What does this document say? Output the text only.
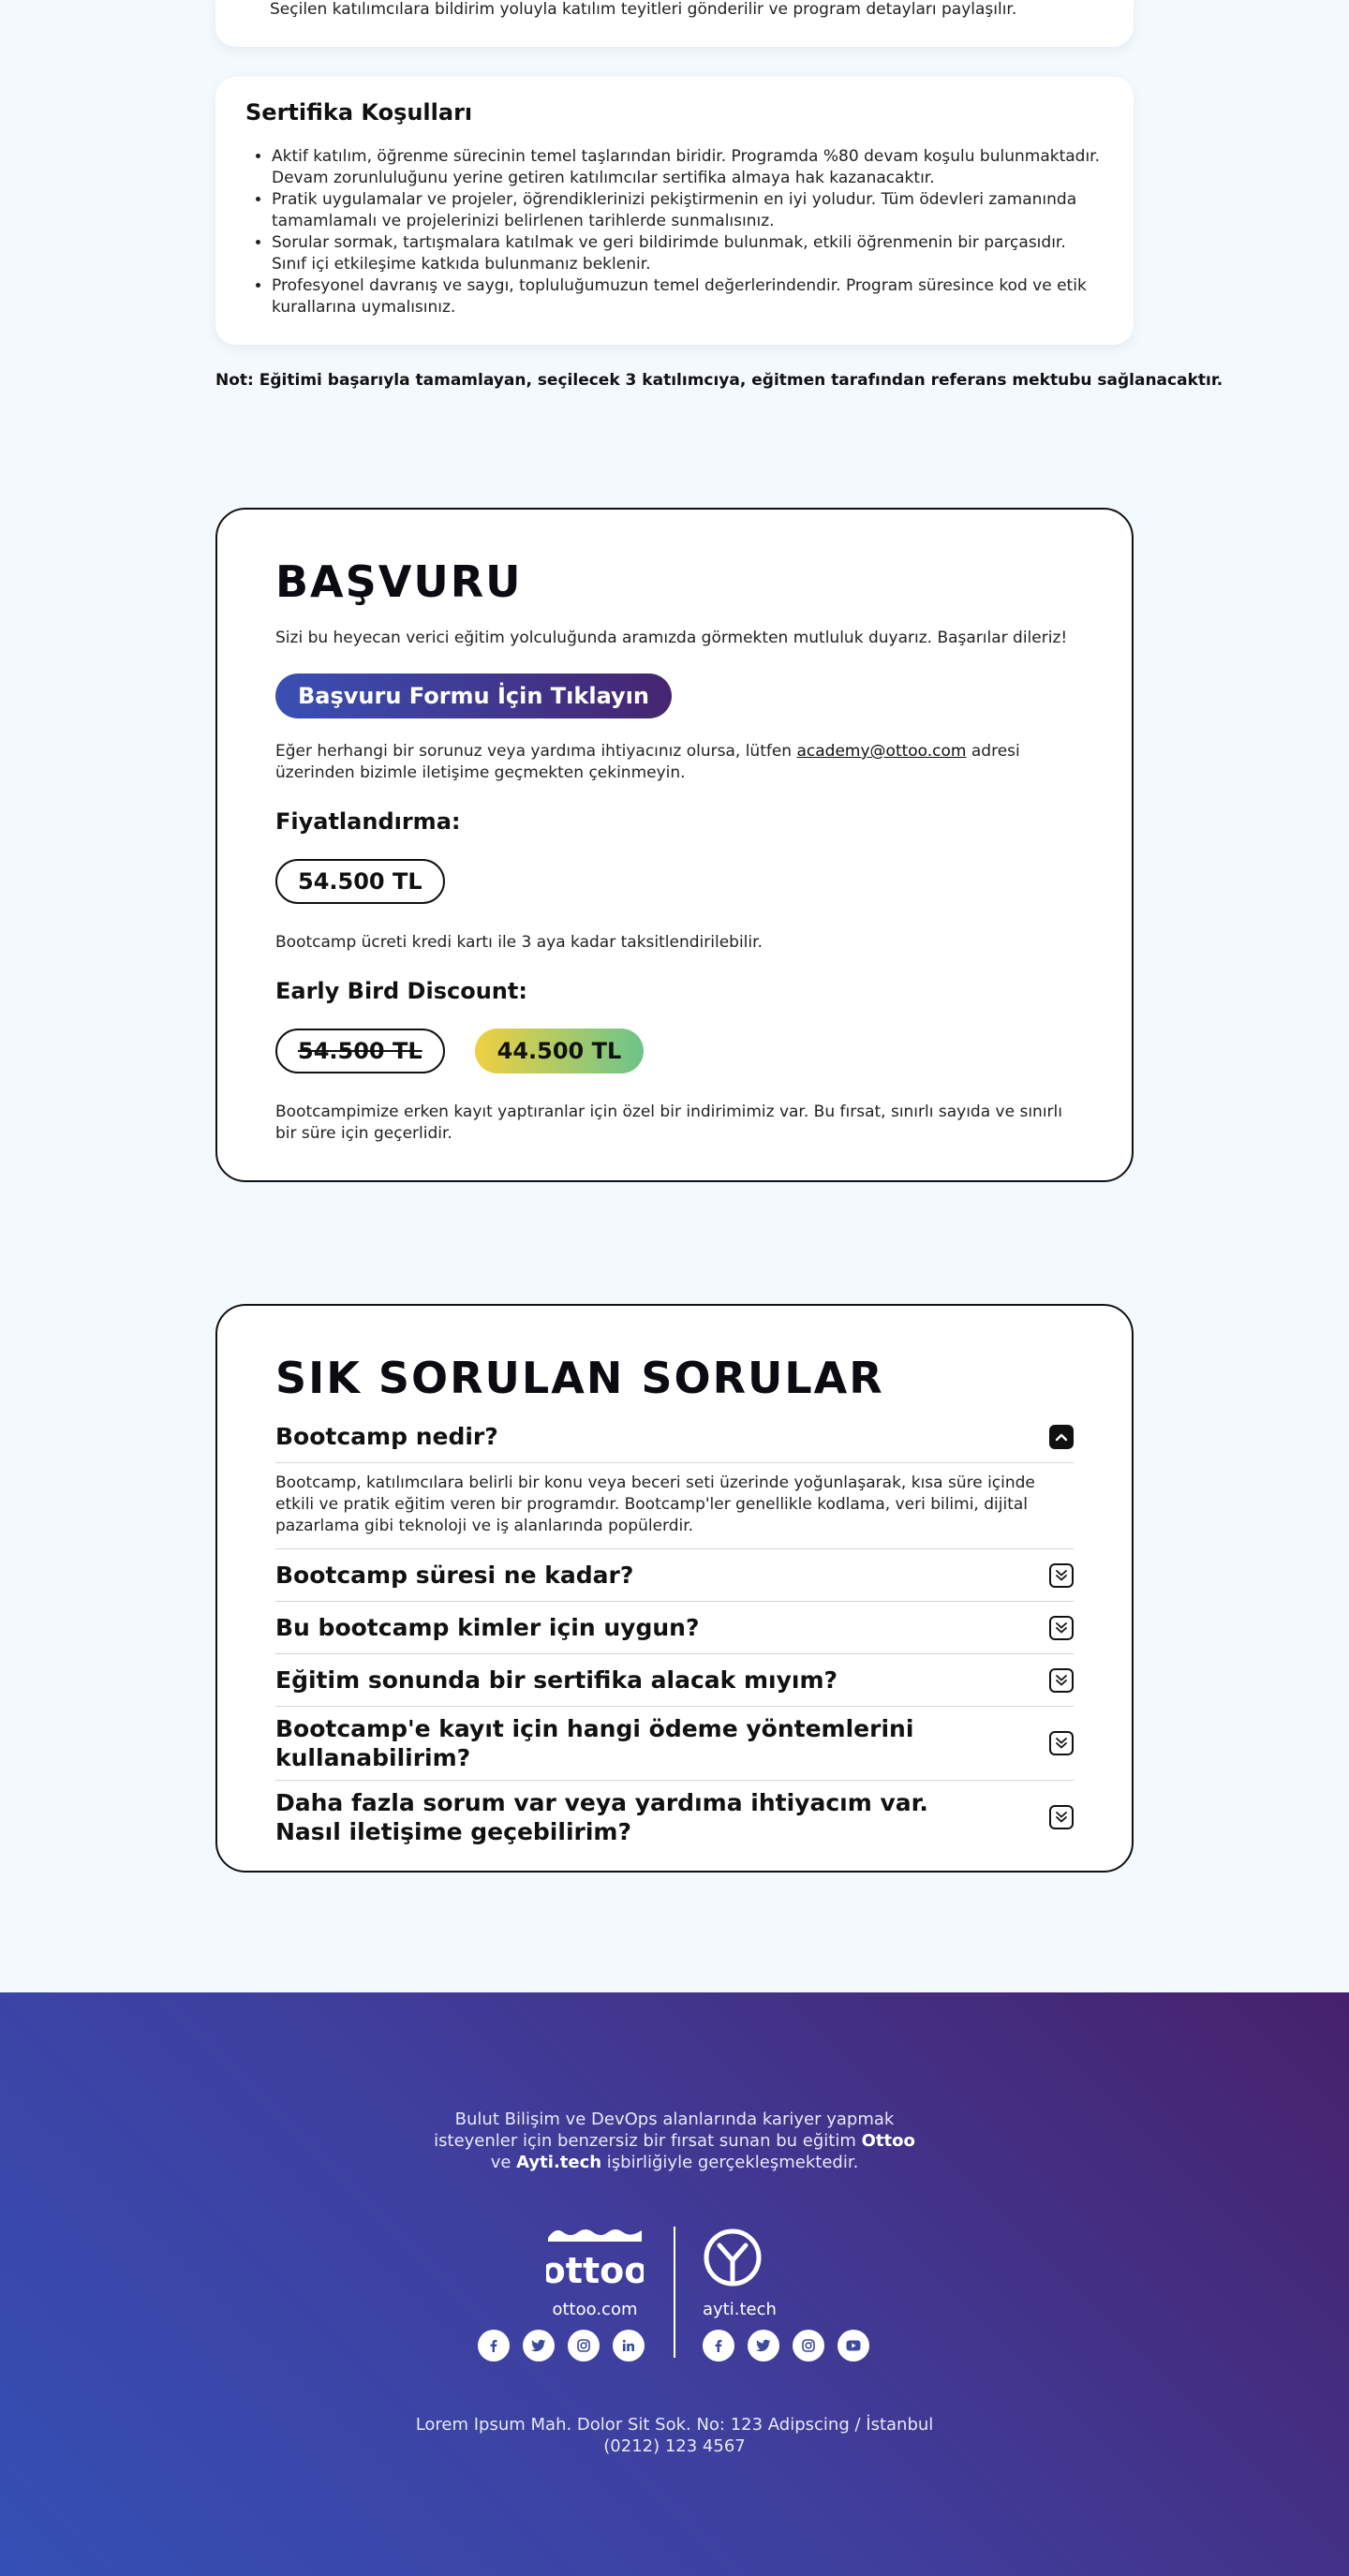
Seçilen katılımcılara bildirim yoluyla katılım teyitleri gönderilir ve program detayları paylaşılır.

Sertifika Koşulları
• Aktif katılım, öğrenme sürecinin temel taşlarından biridir. Programda %80 devam koşulu bulunmaktadır. Devam zorunluluğunu yerine getiren katılımcılar sertifika almaya hak kazanacaktır.
• Pratik uygulamalar ve projeler, öğrendiklerinizi pekiştirmenin en iyi yoludur. Tüm ödevleri zamanında tamamlamalı ve projelerinizi belirlenen tarihlerde sunmalısınız.
• Sorular sormak, tartışmalara katılmak ve geri bildirimde bulunmak, etkili öğrenmenin bir parçasıdır. Sınıf içi etkileşime katkıda bulunmanız beklenir.
• Profesyonel davranış ve saygı, topluluğumuzun temel değerlerindendir. Program süresince kod ve etik kurallarına uymalısınız.

Not: Eğitimi başarıyla tamamlayan, seçilecek 3 katılımcıya, eğitmen tarafından referans mektubu sağlanacaktır.

BAŞVURU

Sizi bu heyecan verici eğitim yolculuğunda aramızda görmekten mutluluk duyarız. Başarılar dileriz!

Başvuru Formu İçin Tıklayın

Eğer herhangi bir sorunuz veya yardıma ihtiyacınız olursa, lütfen academy@ottoo.com adresi üzerinden bizimle iletişime geçmekten çekinmeyin.

Fiyatlandırma:
54.500 TL

Bootcamp ücreti kredi kartı ile 3 aya kadar taksitlendirilebilir.

Early Bird Discount:
54.500 TL	44.500 TL

Bootcampimize erken kayıt yaptıranlar için özel bir indirimimiz var. Bu fırsat, sınırlı sayıda ve sınırlı bir süre için geçerlidir.

SIK SORULAN SORULAR
Bootcamp nedir?

Bootcamp, katılımcılara belirli bir konu veya beceri seti üzerinde yoğunlaşarak, kısa süre içinde etkili ve pratik eğitim veren bir programdır. Bootcamp'ler genellikle kodlama, veri bilimi, dijital pazarlama gibi teknoloji ve iş alanlarında popülerdir.

Bootcamp süresi ne kadar?
Bu bootcamp kimler için uygun?
Eğitim sonunda bir sertifika alacak mıyım?
Bootcamp'e kayıt için hangi ödeme yöntemlerini kullanabilirim?
Daha fazla sorum var veya yardıma ihtiyacım var. Nasıl iletişime geçebilirim?

Bulut Bilişim ve DevOps alanlarında kariyer yapmak isteyenler için benzersiz bir fırsat sunan bu eğitim Ottoo ve Ayti.tech işbirliğiyle gerçekleşmektedir.

ottoo
ottoo.com	ayti.tech
Lorem Ipsum Mah. Dolor Sit Sok. No: 123 Adipscing / İstanbul
(0212) 123 4567
